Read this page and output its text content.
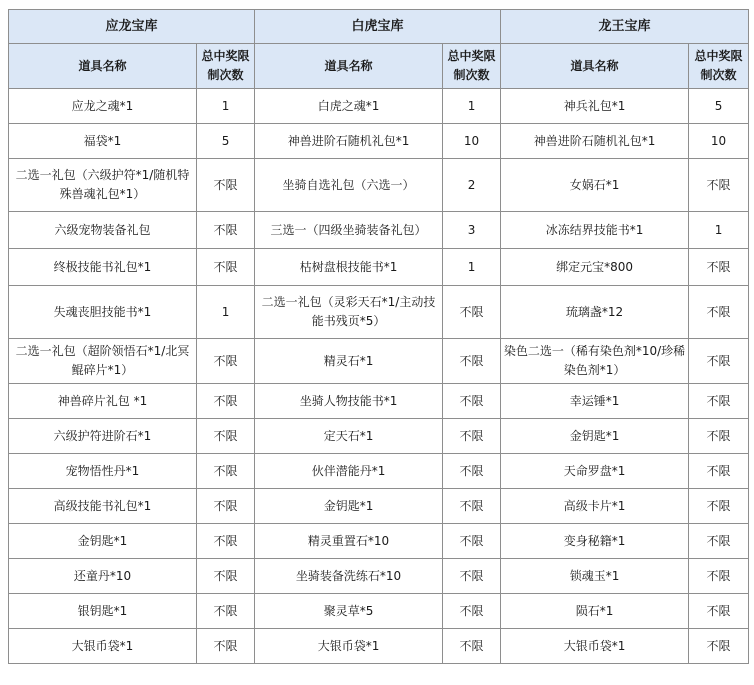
应龙宝库		白虎宝库		龙王宝库	
道具名称	总中奖限制次数	道具名称	总中奖限制次数	道具名称	总中奖限制次数
应龙之魂*1	1	白虎之魂*1	1	神兵礼包*1	5
福袋*1	5	神兽进阶石随机礼包*1	10	神兽进阶石随机礼包*1	10
二选一礼包（六级护符*1/随机特殊兽魂礼包*1）	不限	坐骑自选礼包（六选一）	2	女娲石*1	不限
六级宠物装备礼包	不限	三选一（四级坐骑装备礼包）	3	冰冻结界技能书*1	1
终极技能书礼包*1	不限	枯树盘根技能书*1	1	绑定元宝*800	不限
失魂丧胆技能书*1	1	二选一礼包（灵彩天石*1/主动技能书残页*5）	不限	琉璃盏*12	不限
二选一礼包（超阶领悟石*1/北冥鲲碎片*1）	不限	精灵石*1	不限	染色二选一（稀有染色剂*10/珍稀染色剂*1）	不限
神兽碎片礼包 *1	不限	坐骑人物技能书*1	不限	幸运锤*1	不限
六级护符进阶石*1	不限	定天石*1	不限	金钥匙*1	不限
宠物悟性丹*1	不限	伙伴潜能丹*1	不限	天命罗盘*1	不限
高级技能书礼包*1	不限	金钥匙*1	不限	高级卡片*1	不限
金钥匙*1	不限	精灵重置石*10	不限	变身秘籍*1	不限
还童丹*10	不限	坐骑装备洗练石*10	不限	锁魂玉*1	不限
银钥匙*1	不限	聚灵草*5	不限	陨石*1	不限
大银币袋*1	不限	大银币袋*1	不限	大银币袋*1	不限
